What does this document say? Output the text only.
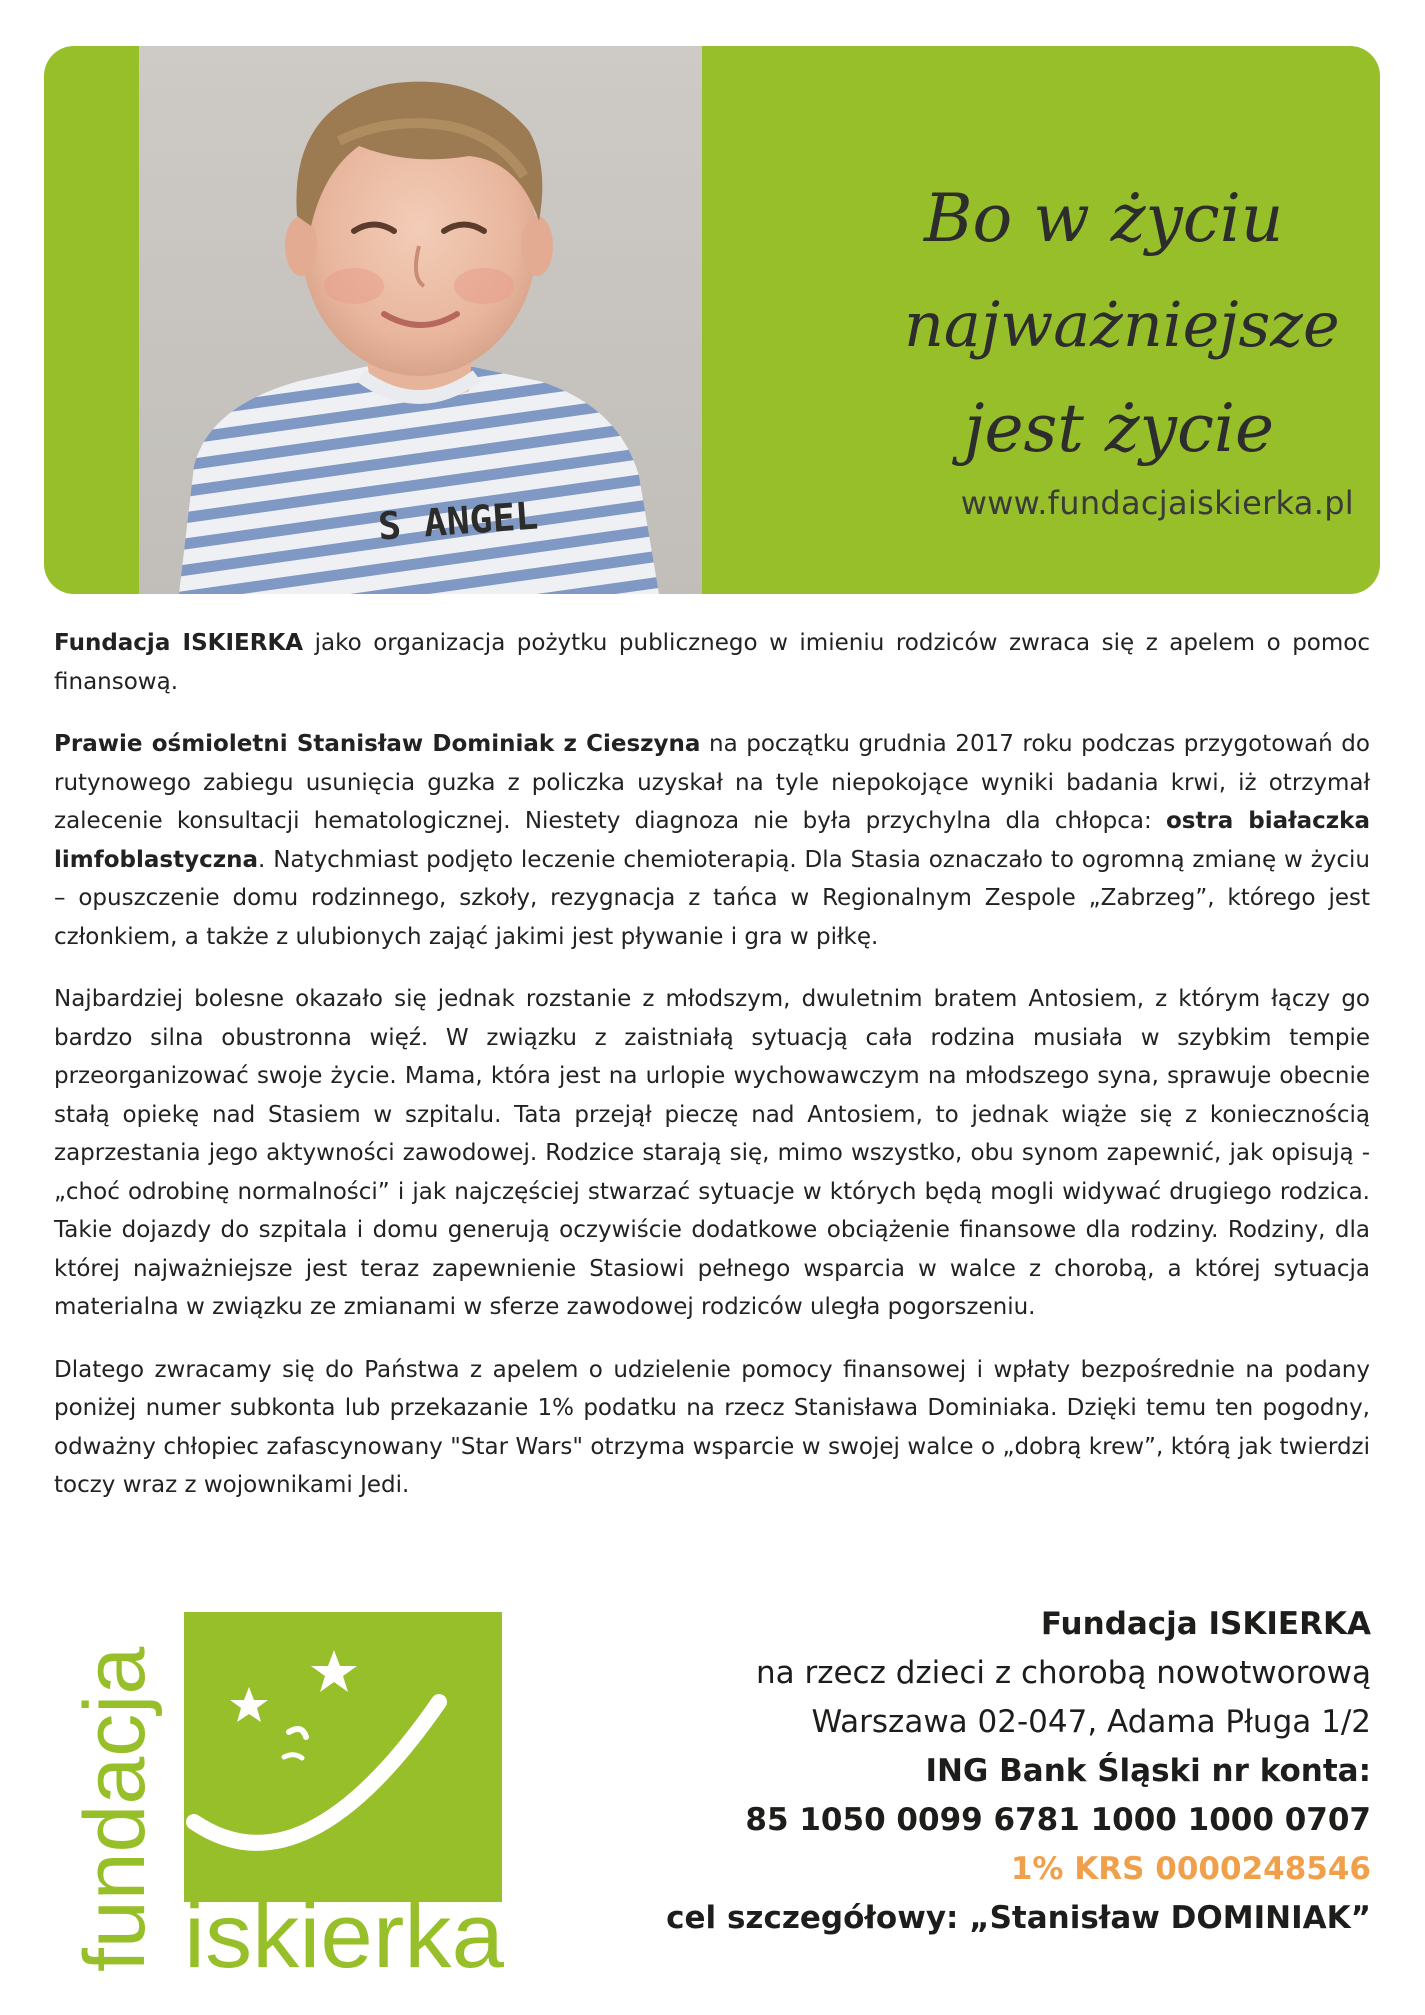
S ANGEL
Bo w życiu
najważniejsze
jest życie
www.fundacjaiskierka.pl

Fundacja ISKIERKA jako organizacja pożytku publicznego w imieniu rodziców zwraca się z apelem o pomoc finansową.

Prawie ośmioletni Stanisław Dominiak z Cieszyna na początku grudnia 2017 roku podczas przygotowań do rutynowego zabiegu usunięcia guzka z policzka uzyskał na tyle niepokojące wyniki badania krwi, iż otrzymał zalecenie konsultacji hematologicznej. Niestety diagnoza nie była przychylna dla chłopca: ostra białaczka limfoblastyczna. Natychmiast podjęto leczenie chemioterapią. Dla Stasia oznaczało to ogromną zmianę w życiu – opuszczenie domu rodzinnego, szkoły, rezygnacja z tańca w Regionalnym Zespole „Zabrzeg”, którego jest członkiem, a także z ulubionych zająć jakimi jest pływanie i gra w piłkę.

Najbardziej bolesne okazało się jednak rozstanie z młodszym, dwuletnim bratem Antosiem, z którym łączy go bardzo silna obustronna więź. W związku z zaistniałą sytuacją cała rodzina musiała w szybkim tempie przeorganizować swoje życie. Mama, która jest na urlopie wychowawczym na młodszego syna, sprawuje obecnie stałą opiekę nad Stasiem w szpitalu. Tata przejął pieczę nad Antosiem, to jednak wiąże się z koniecznością zaprzestania jego aktywności zawodowej. Rodzice starają się, mimo wszystko, obu synom zapewnić, jak opisują - „choć odrobinę normalności” i jak najczęściej stwarzać sytuacje w których będą mogli widywać drugiego rodzica. Takie dojazdy do szpitala i domu generują oczywiście dodatkowe obciążenie finansowe dla rodziny. Rodziny, dla której najważniejsze jest teraz zapewnienie Stasiowi pełnego wsparcia w walce z chorobą, a której sytuacja materialna w związku ze zmianami w sferze zawodowej rodziców uległa pogorszeniu.

Dlatego zwracamy się do Państwa z apelem o udzielenie pomocy finansowej i wpłaty bezpośrednie na podany poniżej numer subkonta lub przekazanie 1% podatku na rzecz Stanisława Dominiaka. Dzięki temu ten pogodny, odważny chłopiec zafascynowany "Star Wars" otrzyma wsparcie w swojej walce o „dobrą krew”, którą jak twierdzi toczy wraz z wojownikami Jedi.

fundacja iskierka
Fundacja ISKIERKA
na rzecz dzieci z chorobą nowotworową
Warszawa 02-047, Adama Pługa 1/2
ING Bank Śląski nr konta:
85 1050 0099 6781 1000 1000 0707
1% KRS 0000248546
cel szczegółowy: „Stanisław DOMINIAK”
